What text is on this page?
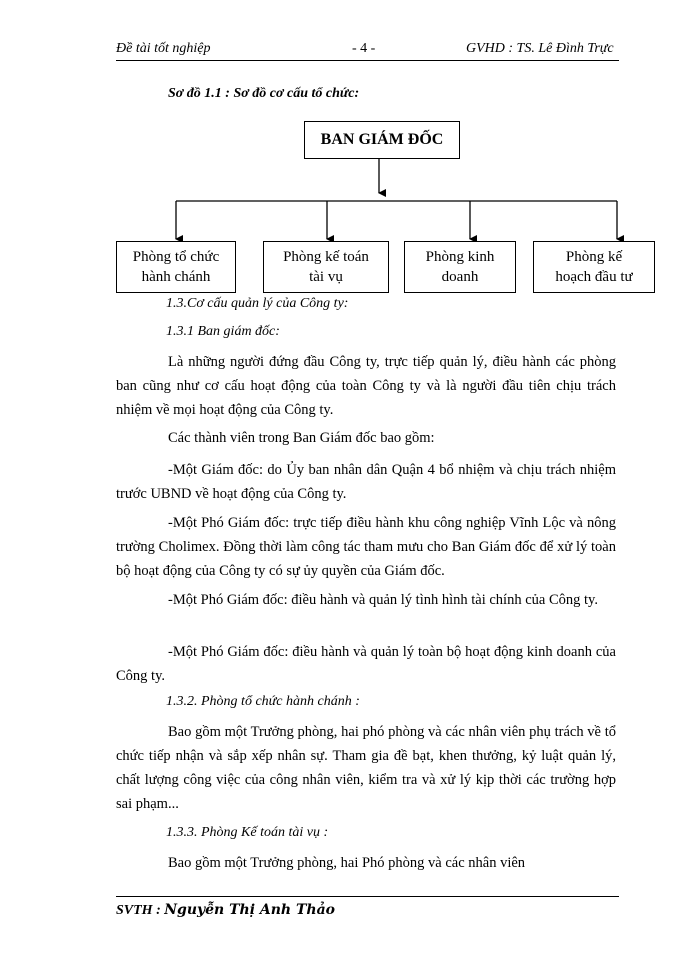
Đề tài tốt nghiệp	- 4 -	GVHD : TS. Lê Đình Trực
Sơ đồ 1.1 : Sơ đồ cơ cấu tổ chức:
BAN GIÁM ĐỐC
Phòng tổ chức
hành chánh
Phòng kế toán
tài vụ
Phòng kinh
doanh
Phòng kế
hoạch đầu tư
1.3.Cơ cấu quản lý của Công ty:
1.3.1 Ban giám đốc:
Là những người đứng đầu Công ty, trực tiếp quản lý, điều hành các phòng ban cũng như cơ cấu hoạt động của toàn Công ty và là người đầu tiên chịu trách nhiệm về mọi hoạt động của Công ty.
Các thành viên trong Ban Giám đốc bao gồm:
-Một Giám đốc: do Ủy ban nhân dân Quận 4 bổ nhiệm và chịu trách nhiệm trước UBND về hoạt động của Công ty.
-Một Phó Giám đốc: trực tiếp điều hành khu công nghiệp Vĩnh Lộc và nông trường Cholimex. Đồng thời làm công tác tham mưu cho Ban Giám đốc để xử lý toàn bộ hoạt động của Công ty có sự ủy quyền của Giám đốc.
-Một Phó Giám đốc: điều hành và quản lý tình hình tài chính của Công ty.
-Một Phó Giám đốc: điều hành và quản lý toàn bộ hoạt động kinh doanh của Công ty.
1.3.2. Phòng tổ chức hành chánh :
Bao gồm một Trưởng phòng, hai phó phòng và các nhân viên phụ trách về tổ chức tiếp nhận và sắp xếp nhân sự. Tham gia đề bạt, khen thưởng, kỷ luật quản lý, chất lượng công việc của công nhân viên, kiểm tra và xử lý kịp thời các trường hợp sai phạm...
1.3.3. Phòng Kế toán tài vụ :
Bao gồm một Trưởng phòng, hai Phó phòng và các nhân viên
SVTH : Nguyễn Thị Anh Thảo
